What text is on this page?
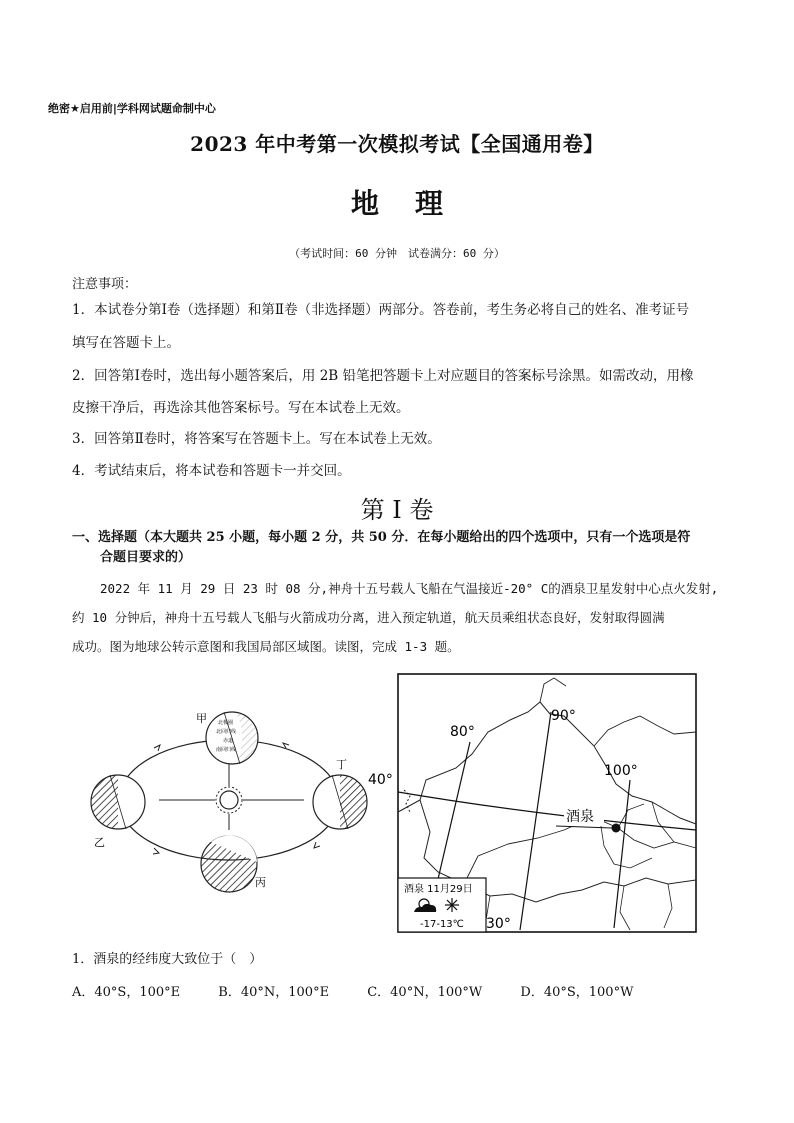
绝密★启用前|学科网试题命制中心
2023 年中考第一次模拟考试【全国通用卷】
地理
（考试时间：60 分钟　试卷满分：60 分）
注意事项：
1．本试卷分第Ⅰ卷（选择题）和第Ⅱ卷（非选择题）两部分。答卷前，考生务必将自己的姓名、准考证号
填写在答题卡上。
2．回答第Ⅰ卷时，选出每小题答案后，用 2B 铅笔把答题卡上对应题目的答案标号涂黑。如需改动，用橡
皮擦干净后，再选涂其他答案标号。写在本试卷上无效。
3．回答第Ⅱ卷时，将答案写在答题卡上。写在本试卷上无效。
4．考试结束后，将本试卷和答题卡一并交回。
第 I 卷
一、选择题（本大题共 25 小题，每小题 2 分，共 50 分．在每小题给出的四个选项中，只有一个选项是符
合题目要求的）
2022 年 11 月 29 日 23 时 08 分,神舟十五号载人飞船在气温接近-20° C的酒泉卫星发射中心点火发射,
约 10 分钟后，神舟十五号载人飞船与火箭成功分离，进入预定轨道，航天员乘组状态良好，发射取得圆满
成功。图为地球公转示意图和我国局部区域图。读图，完成 1-3 题。
北极圈
北回归线
赤道
南回归线
甲
乙
丙
丁
80°
90°
100°
40°
30°
酒泉
酒泉 11月29日
-17-13℃
1．酒泉的经纬度大致位于（　）
A．40°S，100°E	B．40°N，100°E	C．40°N，100°W	D．40°S，100°W
